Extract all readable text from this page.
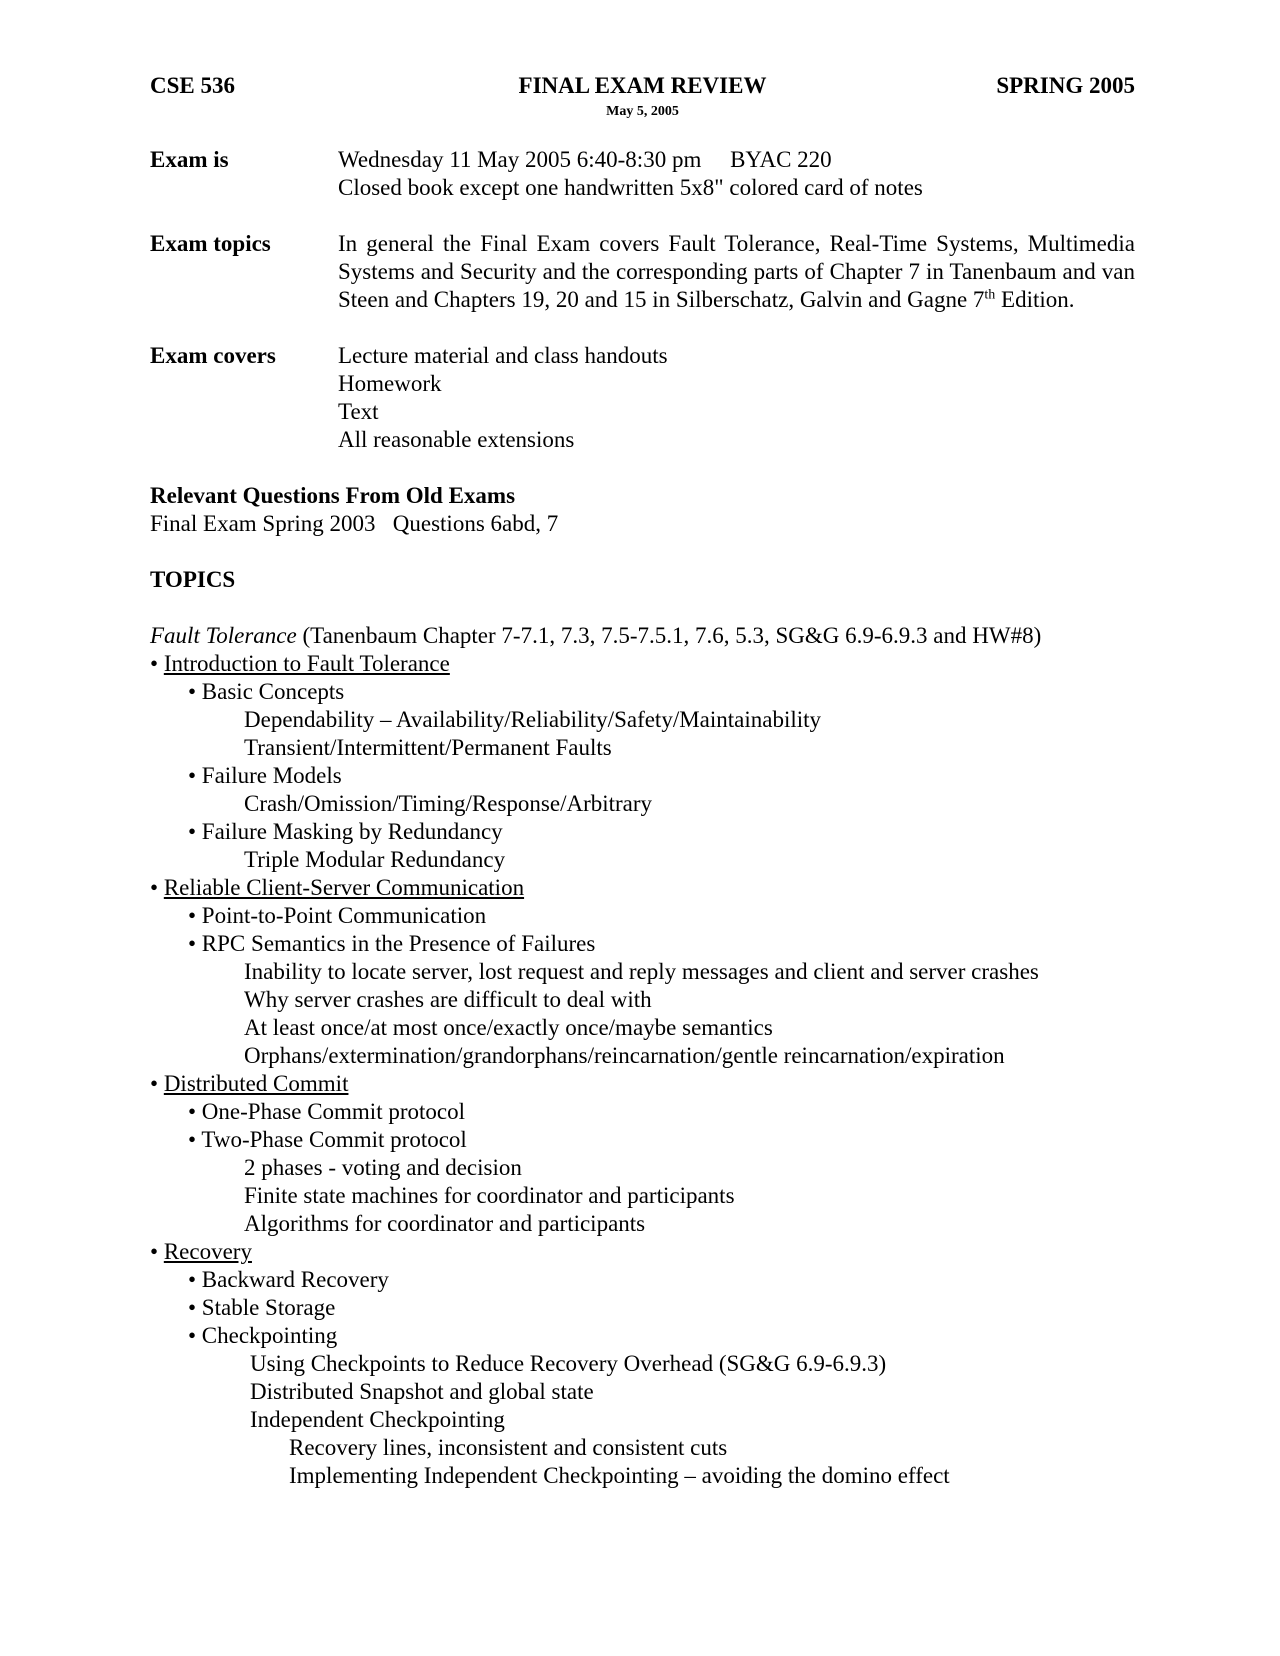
CSE 536	FINAL EXAM REVIEW	SPRING 2005
May 5, 2005
Exam is	Wednesday 11 May 2005 6:40-8:30 pm     BYAC 220
Closed book except one handwritten 5x8" colored card of notes
Exam topics	In general the Final Exam covers Fault Tolerance, Real-Time Systems, Multimedia Systems and Security and the corresponding parts of Chapter 7 in Tanenbaum and van Steen and Chapters 19, 20 and 15 in Silberschatz, Galvin and Gagne 7th Edition.
Exam covers	Lecture material and class handouts
Homework
Text
All reasonable extensions
Relevant Questions From Old Exams
Final Exam Spring 2003   Questions 6abd, 7
TOPICS
Fault Tolerance (Tanenbaum Chapter 7-7.1, 7.3, 7.5-7.5.1, 7.6, 5.3, SG&G 6.9-6.9.3 and HW#8)
• Introduction to Fault Tolerance
• Basic Concepts
Dependability – Availability/Reliability/Safety/Maintainability
Transient/Intermittent/Permanent Faults
• Failure Models
Crash/Omission/Timing/Response/Arbitrary
• Failure Masking by Redundancy
Triple Modular Redundancy
• Reliable Client-Server Communication
• Point-to-Point Communication
• RPC Semantics in the Presence of Failures
Inability to locate server, lost request and reply messages and client and server crashes
Why server crashes are difficult to deal with
At least once/at most once/exactly once/maybe semantics
Orphans/extermination/grandorphans/reincarnation/gentle reincarnation/expiration
• Distributed Commit
• One-Phase Commit protocol
• Two-Phase Commit protocol
2 phases - voting and decision
Finite state machines for coordinator and participants
Algorithms for coordinator and participants
• Recovery
• Backward Recovery
• Stable Storage
• Checkpointing
Using Checkpoints to Reduce Recovery Overhead (SG&G 6.9-6.9.3)
Distributed Snapshot and global state
Independent Checkpointing
Recovery lines, inconsistent and consistent cuts
Implementing Independent Checkpointing – avoiding the domino effect
